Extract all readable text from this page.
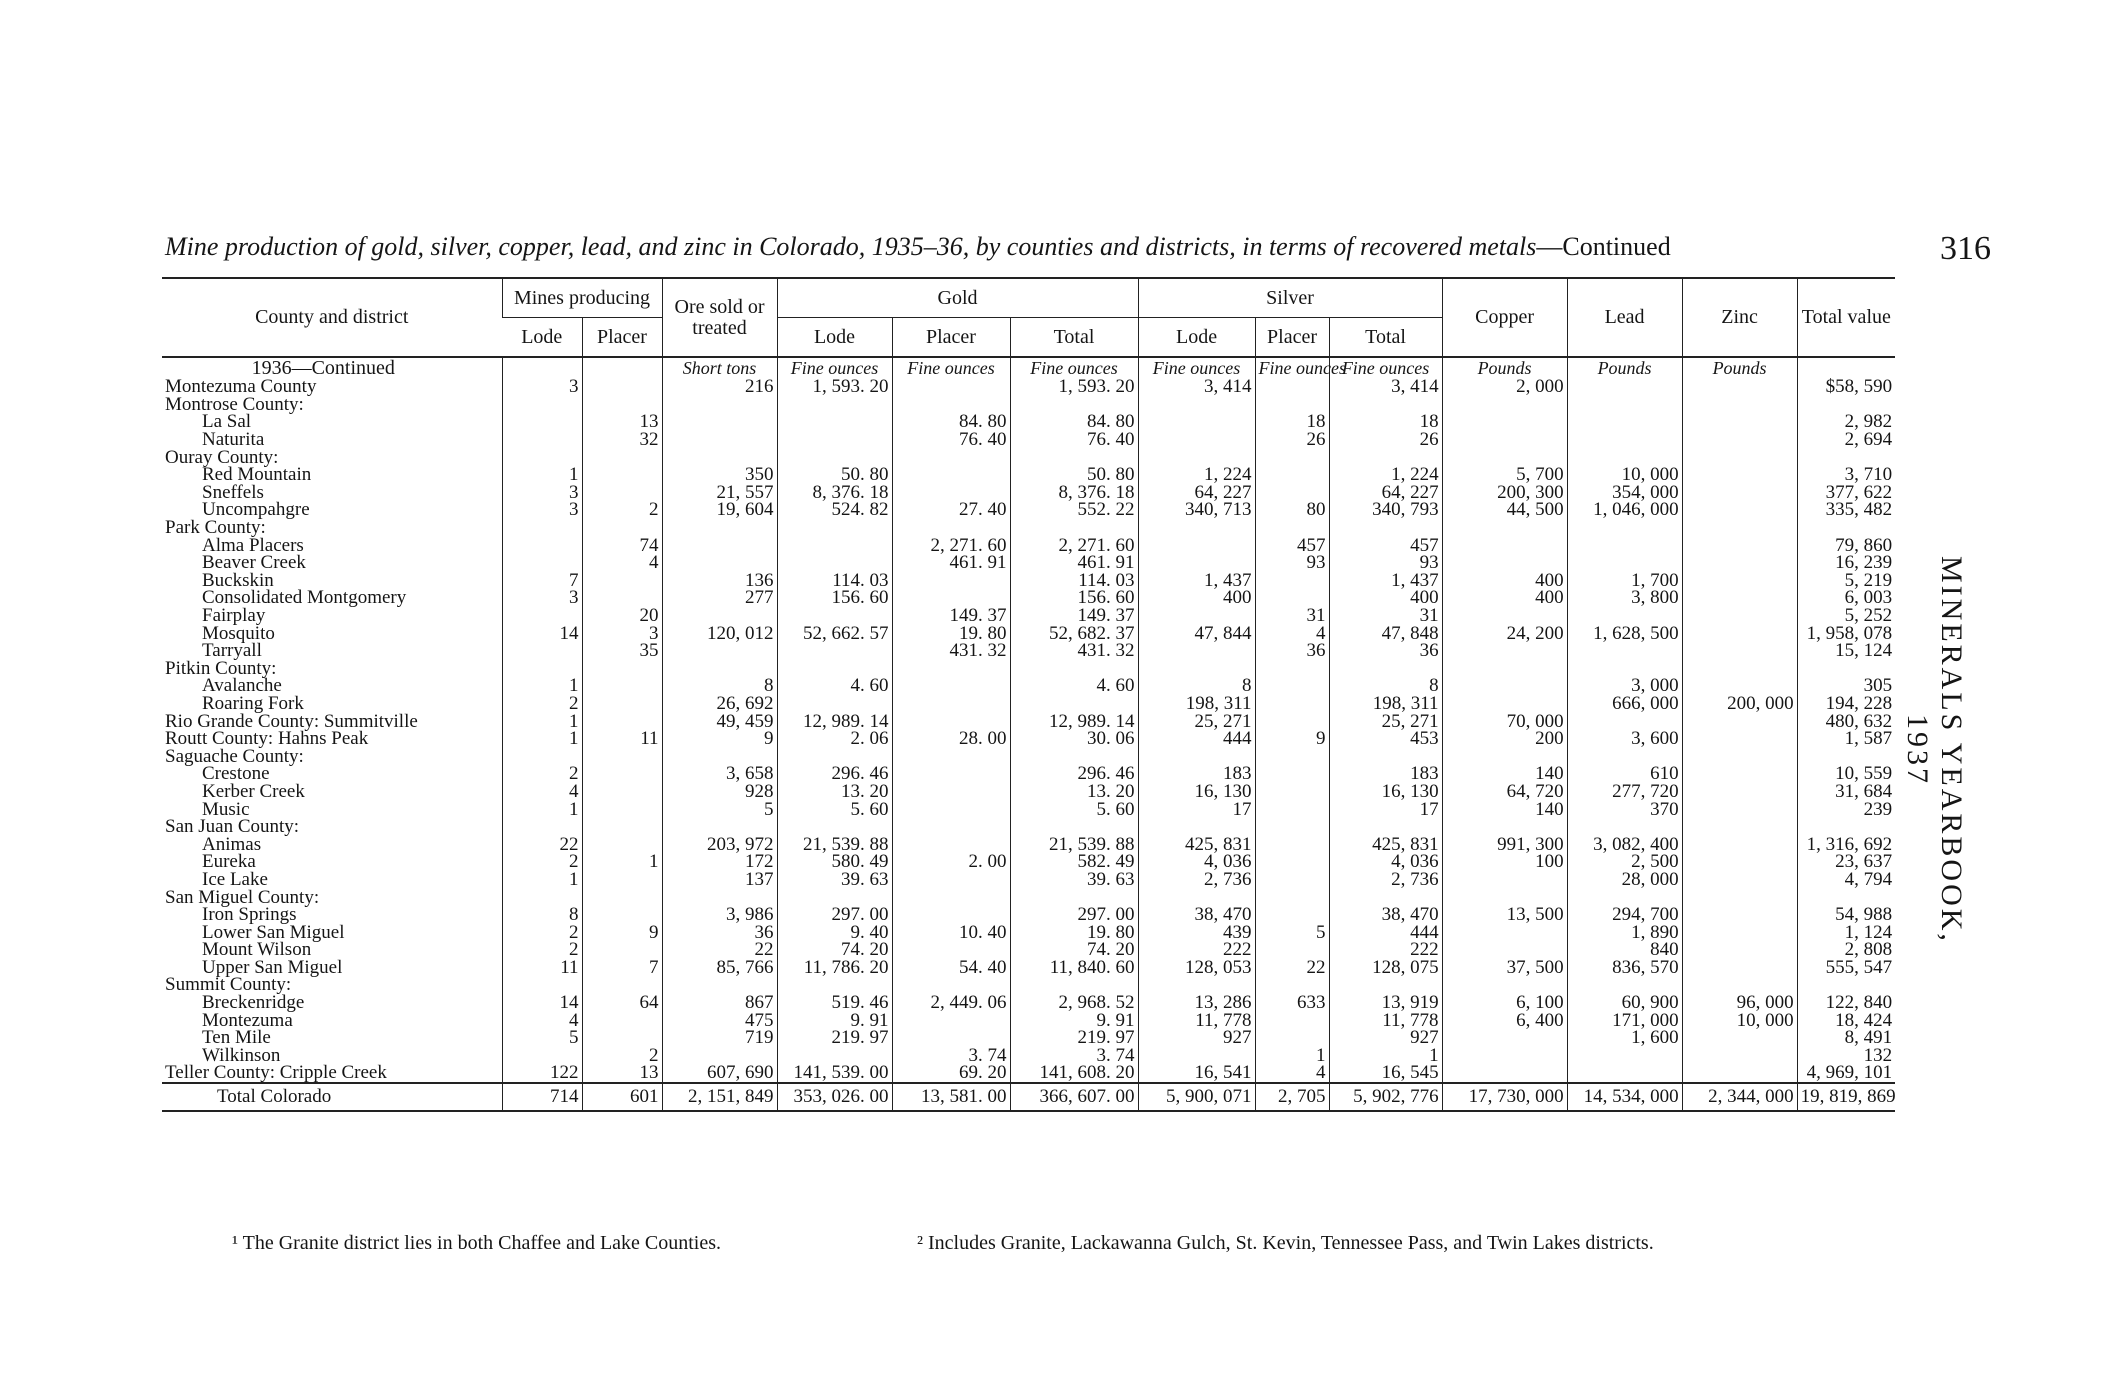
Mine production of gold, silver, copper, lead, and zinc in Colorado, 1935–36, by counties and districts, in terms of recovered metals—Continued	316
MINERALS YEARBOOK, 1937
County and district	Mines producing		Ore sold or treated	Gold			Silver			Copper	Lead	Zinc	Total value
	Lode	Placer		Lode	Placer	Total	Lode	Placer	Total				
1936—Continued			Short tons	Fine ounces	Fine ounces	Fine ounces	Fine ounces	Fine ounces	Fine ounces	Pounds	Pounds	Pounds	
Montezuma County	3		216	1, 593. 20		1, 593. 20	3, 414		3, 414	2, 000			$58, 590
Montrose County:													
La Sal		13			84. 80	84. 80		18	18				2, 982
Naturita		32			76. 40	76. 40		26	26				2, 694
Ouray County:													
Red Mountain	1		350	50. 80		50. 80	1, 224		1, 224	5, 700	10, 000		3, 710
Sneffels	3		21, 557	8, 376. 18		8, 376. 18	64, 227		64, 227	200, 300	354, 000		377, 622
Uncompahgre	3	2	19, 604	524. 82	27. 40	552. 22	340, 713	80	340, 793	44, 500	1, 046, 000		335, 482
Park County:													
Alma Placers		74			2, 271. 60	2, 271. 60		457	457				79, 860
Beaver Creek		4			461. 91	461. 91		93	93				16, 239
Buckskin	7		136	114. 03		114. 03	1, 437		1, 437	400	1, 700		5, 219
Consolidated Montgomery	3		277	156. 60		156. 60	400		400	400	3, 800		6, 003
Fairplay		20			149. 37	149. 37		31	31				5, 252
Mosquito	14	3	120, 012	52, 662. 57	19. 80	52, 682. 37	47, 844	4	47, 848	24, 200	1, 628, 500		1, 958, 078
Tarryall		35			431. 32	431. 32		36	36				15, 124
Pitkin County:													
Avalanche	1		8	4. 60		4. 60	8		8		3, 000		305
Roaring Fork	2		26, 692				198, 311		198, 311		666, 000	200, 000	194, 228
Rio Grande County: Summitville	1		49, 459	12, 989. 14		12, 989. 14	25, 271		25, 271	70, 000			480, 632
Routt County: Hahns Peak	1	11	9	2. 06	28. 00	30. 06	444	9	453	200	3, 600		1, 587
Saguache County:													
Crestone	2		3, 658	296. 46		296. 46	183		183	140	610		10, 559
Kerber Creek	4		928	13. 20		13. 20	16, 130		16, 130	64, 720	277, 720		31, 684
Music	1		5	5. 60		5. 60	17		17	140	370		239
San Juan County:													
Animas	22		203, 972	21, 539. 88		21, 539. 88	425, 831		425, 831	991, 300	3, 082, 400		1, 316, 692
Eureka	2	1	172	580. 49	2. 00	582. 49	4, 036		4, 036	100	2, 500		23, 637
Ice Lake	1		137	39. 63		39. 63	2, 736		2, 736		28, 000		4, 794
San Miguel County:													
Iron Springs	8		3, 986	297. 00		297. 00	38, 470		38, 470	13, 500	294, 700		54, 988
Lower San Miguel	2	9	36	9. 40	10. 40	19. 80	439	5	444		1, 890		1, 124
Mount Wilson	2		22	74. 20		74. 20	222		222		840		2, 808
Upper San Miguel	11	7	85, 766	11, 786. 20	54. 40	11, 840. 60	128, 053	22	128, 075	37, 500	836, 570		555, 547
Summit County:													
Breckenridge	14	64	867	519. 46	2, 449. 06	2, 968. 52	13, 286	633	13, 919	6, 100	60, 900	96, 000	122, 840
Montezuma	4		475	9. 91		9. 91	11, 778		11, 778	6, 400	171, 000	10, 000	18, 424
Ten Mile	5		719	219. 97		219. 97	927		927		1, 600		8, 491
Wilkinson		2			3. 74	3. 74		1	1				132
Teller County: Cripple Creek	122	13	607, 690	141, 539. 00	69. 20	141, 608. 20	16, 541	4	16, 545				4, 969, 101
Total Colorado	714	601	2, 151, 849	353, 026. 00	13, 581. 00	366, 607. 00	5, 900, 071	2, 705	5, 902, 776	17, 730, 000	14, 534, 000	2, 344, 000	19, 819, 869
¹ The Granite district lies in both Chaffee and Lake Counties.	² Includes Granite, Lackawanna Gulch, St. Kevin, Tennessee Pass, and Twin Lakes districts.
